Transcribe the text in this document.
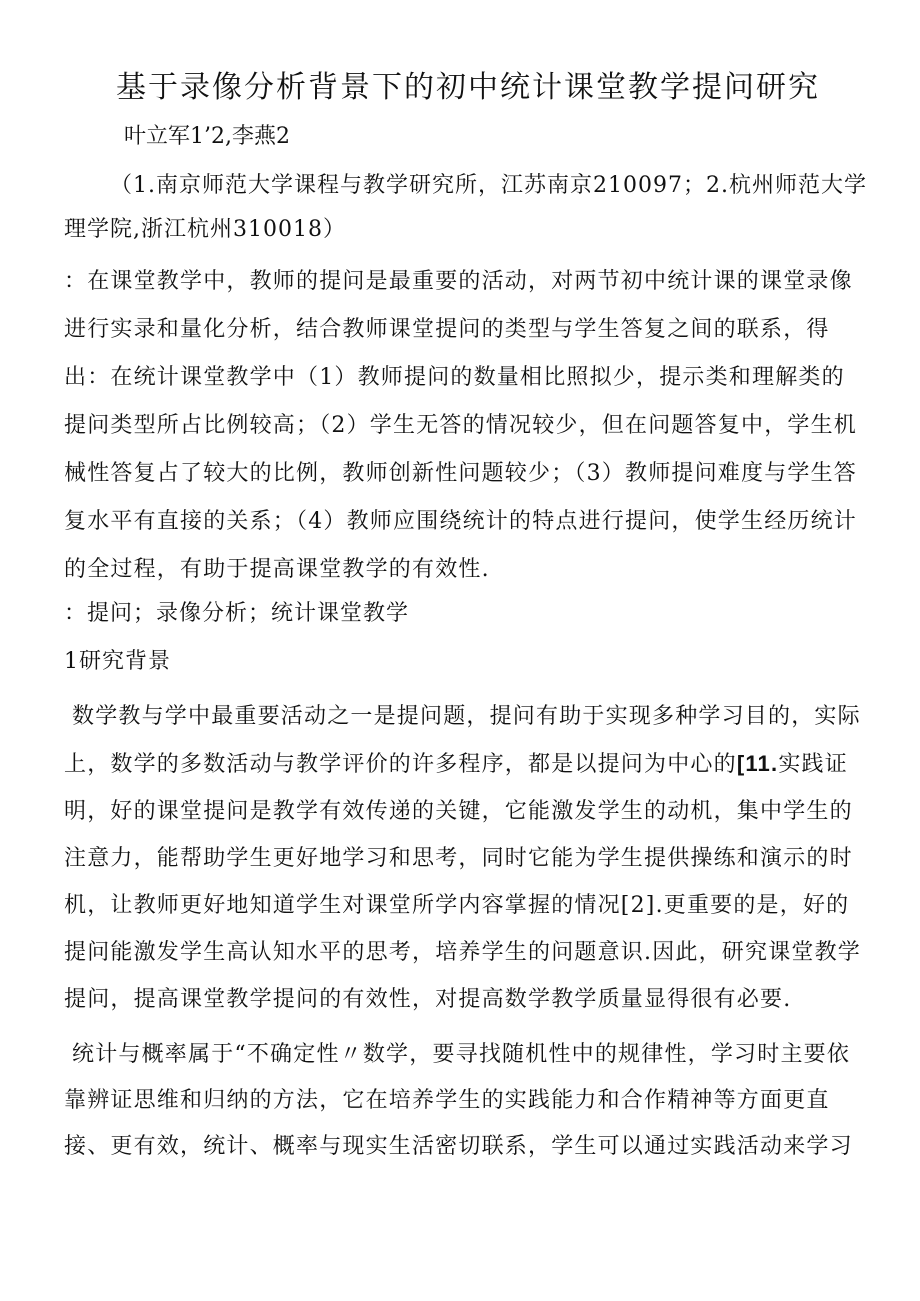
基于录像分析背景下的初中统计课堂教学提问研究
叶立军1’2,李燕2
（1.南京师范大学课程与教学研究所，江苏南京210097；2.杭州师范大学理学院,浙江杭州310018）
：在课堂教学中，教师的提问是最重要的活动，对两节初中统计课的课堂录像进行实录和量化分析，结合教师课堂提问的类型与学生答复之间的联系，得出：在统计课堂教学中（1）教师提问的数量相比照拟少，提示类和理解类的提问类型所占比例较高；（2）学生无答的情况较少，但在问题答复中，学生机械性答复占了较大的比例，教师创新性问题较少；（3）教师提问难度与学生答复水平有直接的关系；（4）教师应围绕统计的特点进行提问，使学生经历统计的全过程，有助于提高课堂教学的有效性.
：提问；录像分析；统计课堂教学
1研究背景
数学教与学中最重要活动之一是提问题，提问有助于实现多种学习目的，实际上，数学的多数活动与教学评价的许多程序，都是以提问为中心的[11.实践证明，好的课堂提问是教学有效传递的关键，它能激发学生的动机，集中学生的注意力，能帮助学生更好地学习和思考，同时它能为学生提供操练和演示的时机，让教师更好地知道学生对课堂所学内容掌握的情况[2].更重要的是，好的提问能激发学生高认知水平的思考，培养学生的问题意识.因此，研究课堂教学提问，提高课堂教学提问的有效性，对提高数学教学质量显得很有必要.
统计与概率属于“不确定性〃数学，要寻找随机性中的规律性，学习时主要依靠辨证思维和归纳的方法，它在培养学生的实践能力和合作精神等方面更直接、更有效，统计、概率与现实生活密切联系，学生可以通过实践活动来学习
